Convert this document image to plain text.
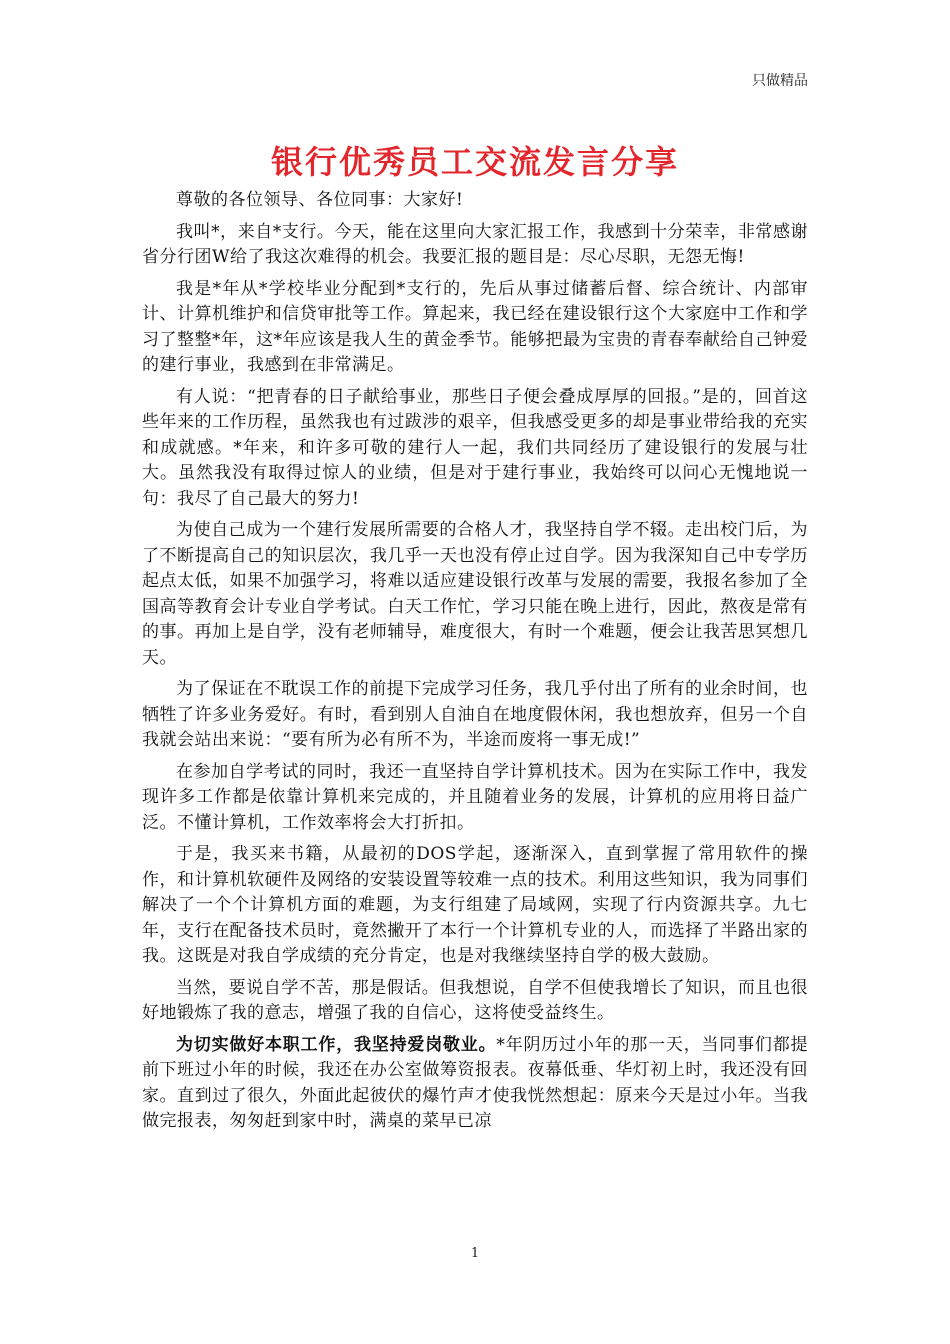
只做精品
银行优秀员工交流发言分享

尊敬的各位领导、各位同事：大家好!

我叫*，来自*支行。今天，能在这里向大家汇报工作，我感到十分荣幸，非常感谢省分行团W给了我这次难得的机会。我要汇报的题目是：尽心尽职，无怨无悔!

我是*年从*学校毕业分配到*支行的，先后从事过储蓄后督、综合统计、内部审计、计算机维护和信贷审批等工作。算起来，我已经在建设银行这个大家庭中工作和学习了整整*年，这*年应该是我人生的黄金季节。能够把最为宝贵的青春奉献给自己钟爱的建行事业，我感到在非常满足。

有人说：“把青春的日子献给事业，那些日子便会叠成厚厚的回报。”是的，回首这些年来的工作历程，虽然我也有过跋涉的艰辛，但我感受更多的却是事业带给我的充实和成就感。*年来，和许多可敬的建行人一起，我们共同经历了建设银行的发展与壮大。虽然我没有取得过惊人的业绩，但是对于建行事业，我始终可以问心无愧地说一句：我尽了自己最大的努力!

为使自己成为一个建行发展所需要的合格人才，我坚持自学不辍。走出校门后，为了不断提高自己的知识层次，我几乎一天也没有停止过自学。因为我深知自己中专学历起点太低，如果不加强学习，将难以适应建设银行改革与发展的需要，我报名参加了全国高等教育会计专业自学考试。白天工作忙，学习只能在晚上进行，因此，熬夜是常有的事。再加上是自学，没有老师辅导，难度很大，有时一个难题，便会让我苦思冥想几天。

为了保证在不耽误工作的前提下完成学习任务，我几乎付出了所有的业余时间，也牺牲了许多业务爱好。有时，看到别人自油自在地度假休闲，我也想放弃，但另一个自我就会站出来说：“要有所为必有所不为，半途而废将一事无成!”

在参加自学考试的同时，我还一直坚持自学计算机技术。因为在实际工作中，我发现许多工作都是依靠计算机来完成的，并且随着业务的发展，计算机的应用将日益广泛。不懂计算机，工作效率将会大打折扣。

于是，我买来书籍，从最初的DOS学起，逐渐深入，直到掌握了常用软件的操作，和计算机软硬件及网络的安装设置等较难一点的技术。利用这些知识，我为同事们解决了一个个计算机方面的难题，为支行组建了局域网，实现了行内资源共享。九七年，支行在配备技术员时，竟然撇开了本行一个计算机专业的人，而选择了半路出家的我。这既是对我自学成绩的充分肯定，也是对我继续坚持自学的极大鼓励。

当然，要说自学不苦，那是假话。但我想说，自学不但使我增长了知识，而且也很好地锻炼了我的意志，增强了我的自信心，这将使受益终生。

为切实做好本职工作，我坚持爱岗敬业。*年阴历过小年的那一天，当同事们都提前下班过小年的时候，我还在办公室做筹资报表。夜幕低垂、华灯初上时，我还没有回家。直到过了很久，外面此起彼伏的爆竹声才使我恍然想起：原来今天是过小年。当我做完报表，匆匆赶到家中时，满桌的菜早已凉

1
